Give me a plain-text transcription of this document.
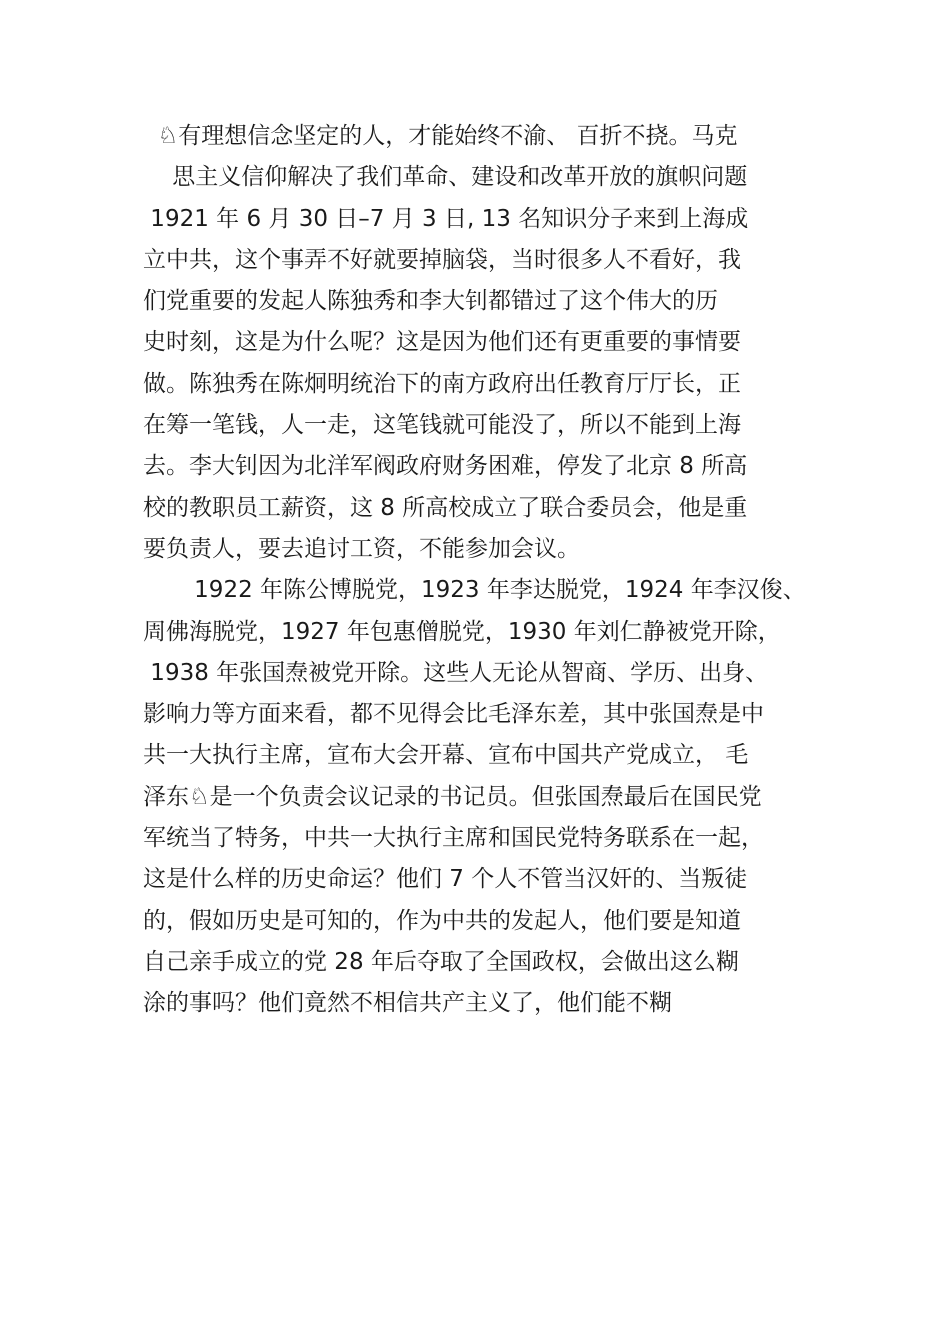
♘有理想信念坚定的人，才能始终不渝、 百折不挠。马克
思主义信仰解决了我们革命、建设和改革开放的旗帜问题
1921 年 6 月 30 日–7 月 3 日, 13 名知识分子来到上海成
立中共，这个事弄不好就要掉脑袋，当时很多人不看好，我
们党重要的发起人陈独秀和李大钊都错过了这个伟大的历
史时刻，这是为什么呢？这是因为他们还有更重要的事情要
做。陈独秀在陈炯明统治下的南方政府出任教育厅厅长，正
在筹一笔钱，人一走，这笔钱就可能没了，所以不能到上海
去。李大钊因为北洋军阀政府财务困难，停发了北京 8 所高
校的教职员工薪资，这 8 所高校成立了联合委员会，他是重
要负责人，要去追讨工资，不能参加会议。
1922 年陈公博脱党，1923 年李达脱党，1924 年李汉俊、
周佛海脱党，1927 年包惠僧脱党，1930 年刘仁静被党开除，
1938 年张国焘被党开除。这些人无论从智商、学历、出身、
影响力等方面来看，都不见得会比毛泽东差，其中张国焘是中
共一大执行主席，宣布大会开幕、宣布中国共产党成立， 毛
泽东♘是一个负责会议记录的书记员。但张国焘最后在国民党
军统当了特务，中共一大执行主席和国民党特务联系在一起，
这是什么样的历史命运？他们 7 个人不管当汉奸的、当叛徒
的，假如历史是可知的，作为中共的发起人，他们要是知道
自己亲手成立的党 28 年后夺取了全国政权，会做出这么糊
涂的事吗？他们竟然不相信共产主义了，他们能不糊
